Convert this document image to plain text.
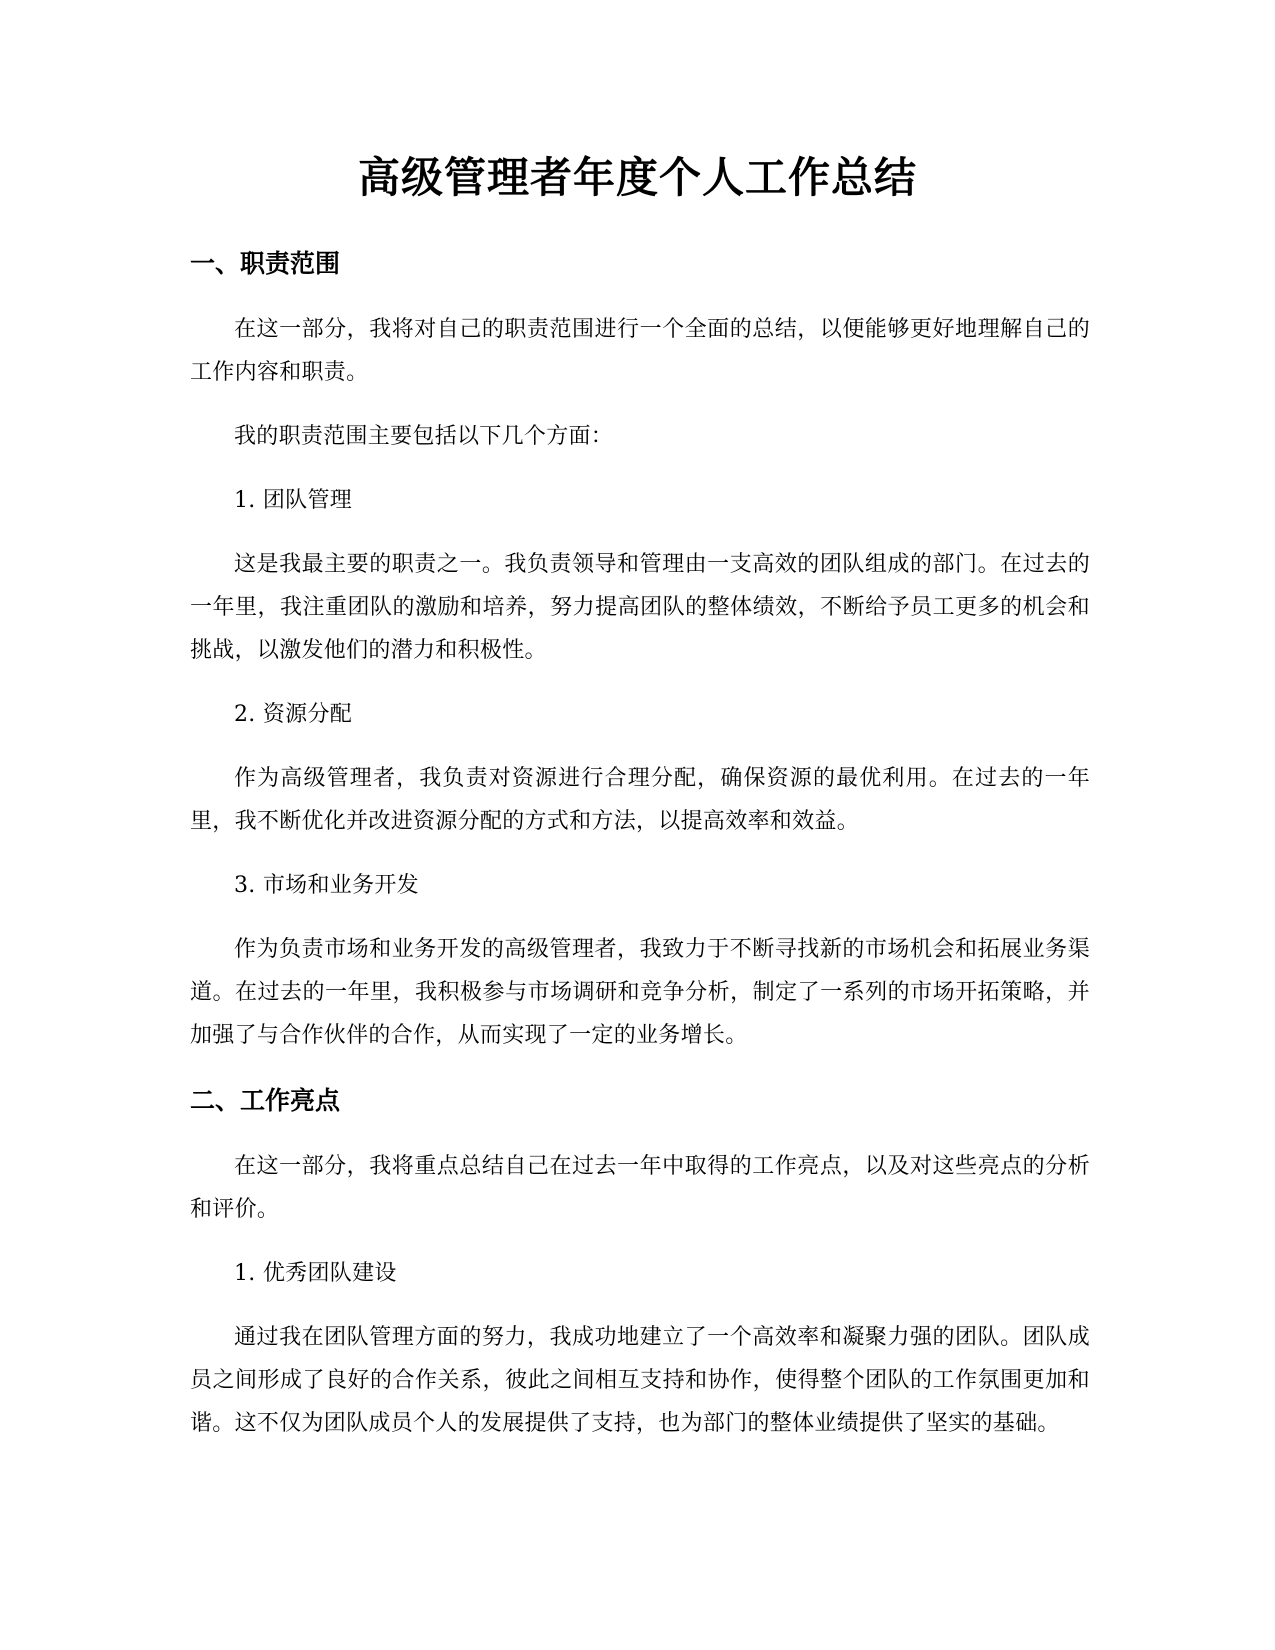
高级管理者年度个人工作总结
一、职责范围

在这一部分，我将对自己的职责范围进行一个全面的总结，以便能够更好地理解自己的工作内容和职责。

我的职责范围主要包括以下几个方面：

1. 团队管理

这是我最主要的职责之一。我负责领导和管理由一支高效的团队组成的部门。在过去的一年里，我注重团队的激励和培养，努力提高团队的整体绩效，不断给予员工更多的机会和挑战，以激发他们的潜力和积极性。

2. 资源分配

作为高级管理者，我负责对资源进行合理分配，确保资源的最优利用。在过去的一年里，我不断优化并改进资源分配的方式和方法，以提高效率和效益。

3. 市场和业务开发

作为负责市场和业务开发的高级管理者，我致力于不断寻找新的市场机会和拓展业务渠道。在过去的一年里，我积极参与市场调研和竞争分析，制定了一系列的市场开拓策略，并加强了与合作伙伴的合作，从而实现了一定的业务增长。

二、工作亮点

在这一部分，我将重点总结自己在过去一年中取得的工作亮点，以及对这些亮点的分析和评价。

1. 优秀团队建设

通过我在团队管理方面的努力，我成功地建立了一个高效率和凝聚力强的团队。团队成员之间形成了良好的合作关系，彼此之间相互支持和协作，使得整个团队的工作氛围更加和谐。这不仅为团队成员个人的发展提供了支持，也为部门的整体业绩提供了坚实的基础。
